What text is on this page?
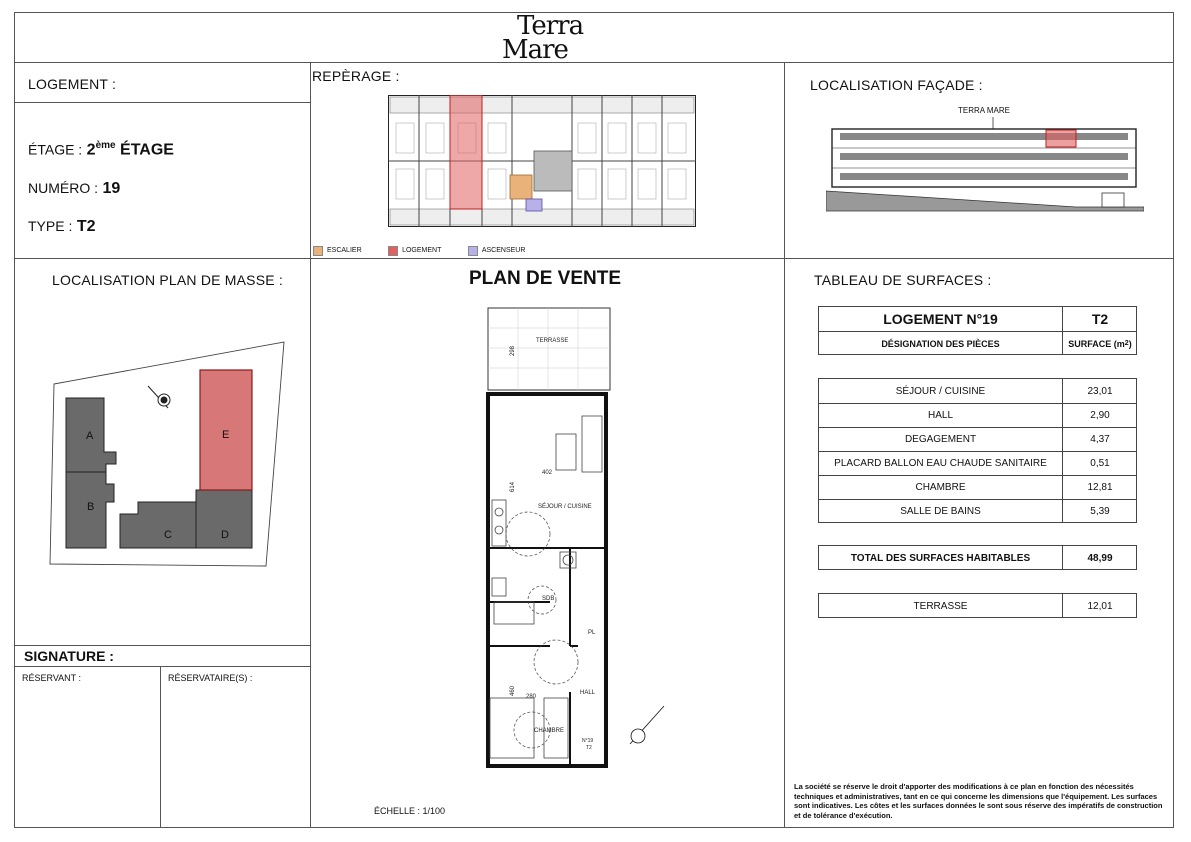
Terra
Mare
LOGEMENT :
ÉTAGE : 2ème ÉTAGE
NUMÉRO : 19
TYPE : T2
REPÈRAGE :
ESCALIER	LOGEMENT	ASCENSEUR
LOCALISATION FAÇADE :
TERRA MARE
LOCALISATION PLAN DE MASSE :
A
B
C	D
E
PLAN DE VENTE
TERRASSE
SÉJOUR / CUISINE
SDB
PL
HALL
CHAMBRE
N°19
T2
402
280
298
614
460
ÉCHELLE : 1/100
TABLEAU DE SURFACES :
LOGEMENT N°19	T2
DÉSIGNATION DES PIÈCES	SURFACE (m 2 )
SÉJOUR / CUISINE	23,01
HALL	2,90
DEGAGEMENT	4,37
PLACARD BALLON EAU CHAUDE SANITAIRE	0,51
CHAMBRE	12,81
SALLE DE BAINS	5,39
TOTAL DES SURFACES HABITABLES	48,99
TERRASSE	12,01
La société se réserve le droit d'apporter des modifications à ce plan en fonction des nécessités techniques et administratives, tant en ce qui concerne les dimensions que l'équipement. Les surfaces sont indicatives. Les côtes et les surfaces données le sont sous réserve des impératifs de construction et de tolérance d'exécution.
SIGNATURE :
RÉSERVANT :	RÉSERVATAIRE(S) :
